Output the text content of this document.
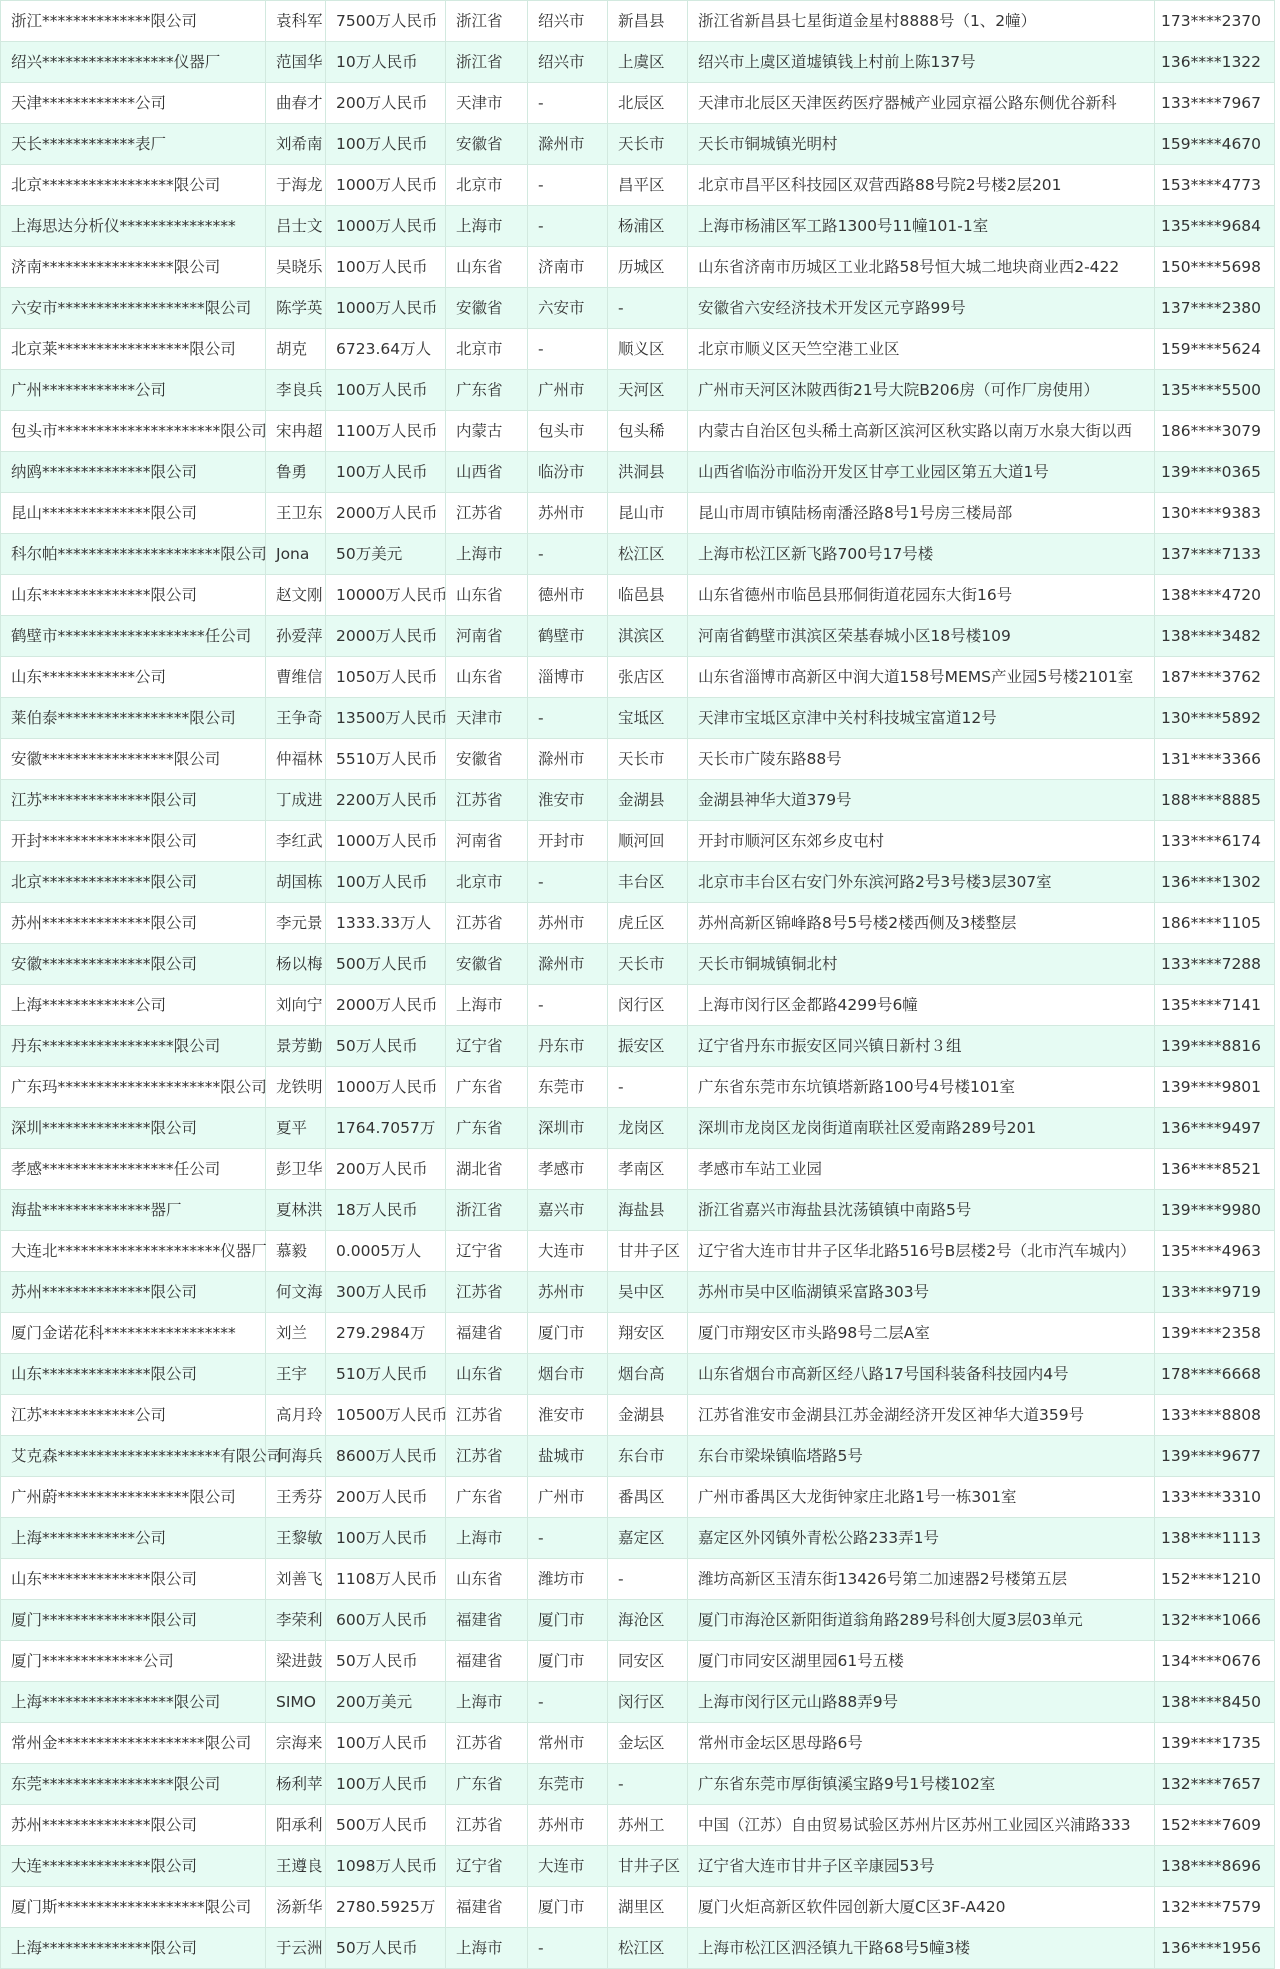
浙江**************限公司	袁科军	7500万人民币	浙江省	绍兴市	新昌县	浙江省新昌县七星街道金星村8888号（1、2幢）	173****2370
绍兴*****************仪器厂	范国华	10万人民币	浙江省	绍兴市	上虞区	绍兴市上虞区道墟镇钱上村前上陈137号	136****1322
天津************公司	曲春才	200万人民币	天津市	-	北辰区	天津市北辰区天津医药医疗器械产业园京福公路东侧优谷新科	133****7967
天长************表厂	刘希南	100万人民币	安徽省	滁州市	天长市	天长市铜城镇光明村	159****4670
北京*****************限公司	于海龙	1000万人民币	北京市	-	昌平区	北京市昌平区科技园区双营西路88号院2号楼2层201	153****4773
上海思达分析仪***************	吕士文	1000万人民币	上海市	-	杨浦区	上海市杨浦区军工路1300号11幢101-1室	135****9684
济南*****************限公司	吴晓乐	100万人民币	山东省	济南市	历城区	山东省济南市历城区工业北路58号恒大城二地块商业西2-422	150****5698
六安市*******************限公司	陈学英	1000万人民币	安徽省	六安市	-	安徽省六安经济技术开发区元亨路99号	137****2380
北京莱*****************限公司	胡克	6723.64万人	北京市	-	顺义区	北京市顺义区天竺空港工业区	159****5624
广州************公司	李良兵	100万人民币	广东省	广州市	天河区	广州市天河区沐陂西街21号大院B206房（可作厂房使用）	135****5500
包头市*********************限公司	宋冉超	1100万人民币	内蒙古	包头市	包头稀	内蒙古自治区包头稀土高新区滨河区秋实路以南万水泉大街以西	186****3079
纳鸥**************限公司	鲁勇	100万人民币	山西省	临汾市	洪洞县	山西省临汾市临汾开发区甘亭工业园区第五大道1号	139****0365
昆山**************限公司	王卫东	2000万人民币	江苏省	苏州市	昆山市	昆山市周市镇陆杨南潘泾路8号1号房三楼局部	130****9383
科尔帕*********************限公司	Jona	50万美元	上海市	-	松江区	上海市松江区新飞路700号17号楼	137****7133
山东**************限公司	赵文刚	10000万人民币	山东省	德州市	临邑县	山东省德州市临邑县邢侗街道花园东大街16号	138****4720
鹤壁市*******************任公司	孙爱萍	2000万人民币	河南省	鹤壁市	淇滨区	河南省鹤壁市淇滨区荣基春城小区18号楼109	138****3482
山东************公司	曹维信	1050万人民币	山东省	淄博市	张店区	山东省淄博市高新区中润大道158号MEMS产业园5号楼2101室	187****3762
莱伯泰*****************限公司	王争奇	13500万人民币	天津市	-	宝坻区	天津市宝坻区京津中关村科技城宝富道12号	130****5892
安徽*****************限公司	仲福林	5510万人民币	安徽省	滁州市	天长市	天长市广陵东路88号	131****3366
江苏**************限公司	丁成进	2200万人民币	江苏省	淮安市	金湖县	金湖县神华大道379号	188****8885
开封**************限公司	李红武	1000万人民币	河南省	开封市	顺河回	开封市顺河区东郊乡皮屯村	133****6174
北京**************限公司	胡国栋	100万人民币	北京市	-	丰台区	北京市丰台区右安门外东滨河路2号3号楼3层307室	136****1302
苏州**************限公司	李元景	1333.33万人	江苏省	苏州市	虎丘区	苏州高新区锦峰路8号5号楼2楼西侧及3楼整层	186****1105
安徽**************限公司	杨以梅	500万人民币	安徽省	滁州市	天长市	天长市铜城镇铜北村	133****7288
上海************公司	刘向宁	2000万人民币	上海市	-	闵行区	上海市闵行区金都路4299号6幢	135****7141
丹东*****************限公司	景芳勤	50万人民币	辽宁省	丹东市	振安区	辽宁省丹东市振安区同兴镇日新村３组	139****8816
广东玛*********************限公司	龙铁明	1000万人民币	广东省	东莞市	-	广东省东莞市东坑镇塔新路100号4号楼101室	139****9801
深圳**************限公司	夏平	1764.7057万	广东省	深圳市	龙岗区	深圳市龙岗区龙岗街道南联社区爱南路289号201	136****9497
孝感*****************任公司	彭卫华	200万人民币	湖北省	孝感市	孝南区	孝感市车站工业园	136****8521
海盐**************器厂	夏林洪	18万人民币	浙江省	嘉兴市	海盐县	浙江省嘉兴市海盐县沈荡镇镇中南路5号	139****9980
大连北*********************仪器厂	慕毅	0.0005万人	辽宁省	大连市	甘井子区	辽宁省大连市甘井子区华北路516号B层楼2号（北市汽车城内）	135****4963
苏州**************限公司	何文海	300万人民币	江苏省	苏州市	吴中区	苏州市吴中区临湖镇采富路303号	133****9719
厦门金诺花科*****************	刘兰	279.2984万	福建省	厦门市	翔安区	厦门市翔安区市头路98号二层A室	139****2358
山东**************限公司	王宇	510万人民币	山东省	烟台市	烟台高	山东省烟台市高新区经八路17号国科装备科技园内4号	178****6668
江苏************公司	高月玲	10500万人民币	江苏省	淮安市	金湖县	江苏省淮安市金湖县江苏金湖经济开发区神华大道359号	133****8808
艾克森*********************有限公司	何海兵	8600万人民币	江苏省	盐城市	东台市	东台市梁垛镇临塔路5号	139****9677
广州蔚*****************限公司	王秀芬	200万人民币	广东省	广州市	番禺区	广州市番禺区大龙街钟家庄北路1号一栋301室	133****3310
上海************公司	王黎敏	100万人民币	上海市	-	嘉定区	嘉定区外冈镇外青松公路233弄1号	138****1113
山东**************限公司	刘善飞	1108万人民币	山东省	潍坊市	-	潍坊高新区玉清东街13426号第二加速器2号楼第五层	152****1210
厦门**************限公司	李荣利	600万人民币	福建省	厦门市	海沧区	厦门市海沧区新阳街道翁角路289号科创大厦3层03单元	132****1066
厦门*************公司	梁进鼓	50万人民币	福建省	厦门市	同安区	厦门市同安区湖里园61号五楼	134****0676
上海*****************限公司	SIMO	200万美元	上海市	-	闵行区	上海市闵行区元山路88弄9号	138****8450
常州金*******************限公司	宗海来	100万人民币	江苏省	常州市	金坛区	常州市金坛区思母路6号	139****1735
东莞*****************限公司	杨利苹	100万人民币	广东省	东莞市	-	广东省东莞市厚街镇溪宝路9号1号楼102室	132****7657
苏州**************限公司	阳承利	500万人民币	江苏省	苏州市	苏州工	中国（江苏）自由贸易试验区苏州片区苏州工业园区兴浦路333	152****7609
大连**************限公司	王遵良	1098万人民币	辽宁省	大连市	甘井子区	辽宁省大连市甘井子区辛康园53号	138****8696
厦门斯*******************限公司	汤新华	2780.5925万	福建省	厦门市	湖里区	厦门火炬高新区软件园创新大厦C区3F-A420	132****7579
上海**************限公司	于云洲	50万人民币	上海市	-	松江区	上海市松江区泗泾镇九干路68号5幢3楼	136****1956
